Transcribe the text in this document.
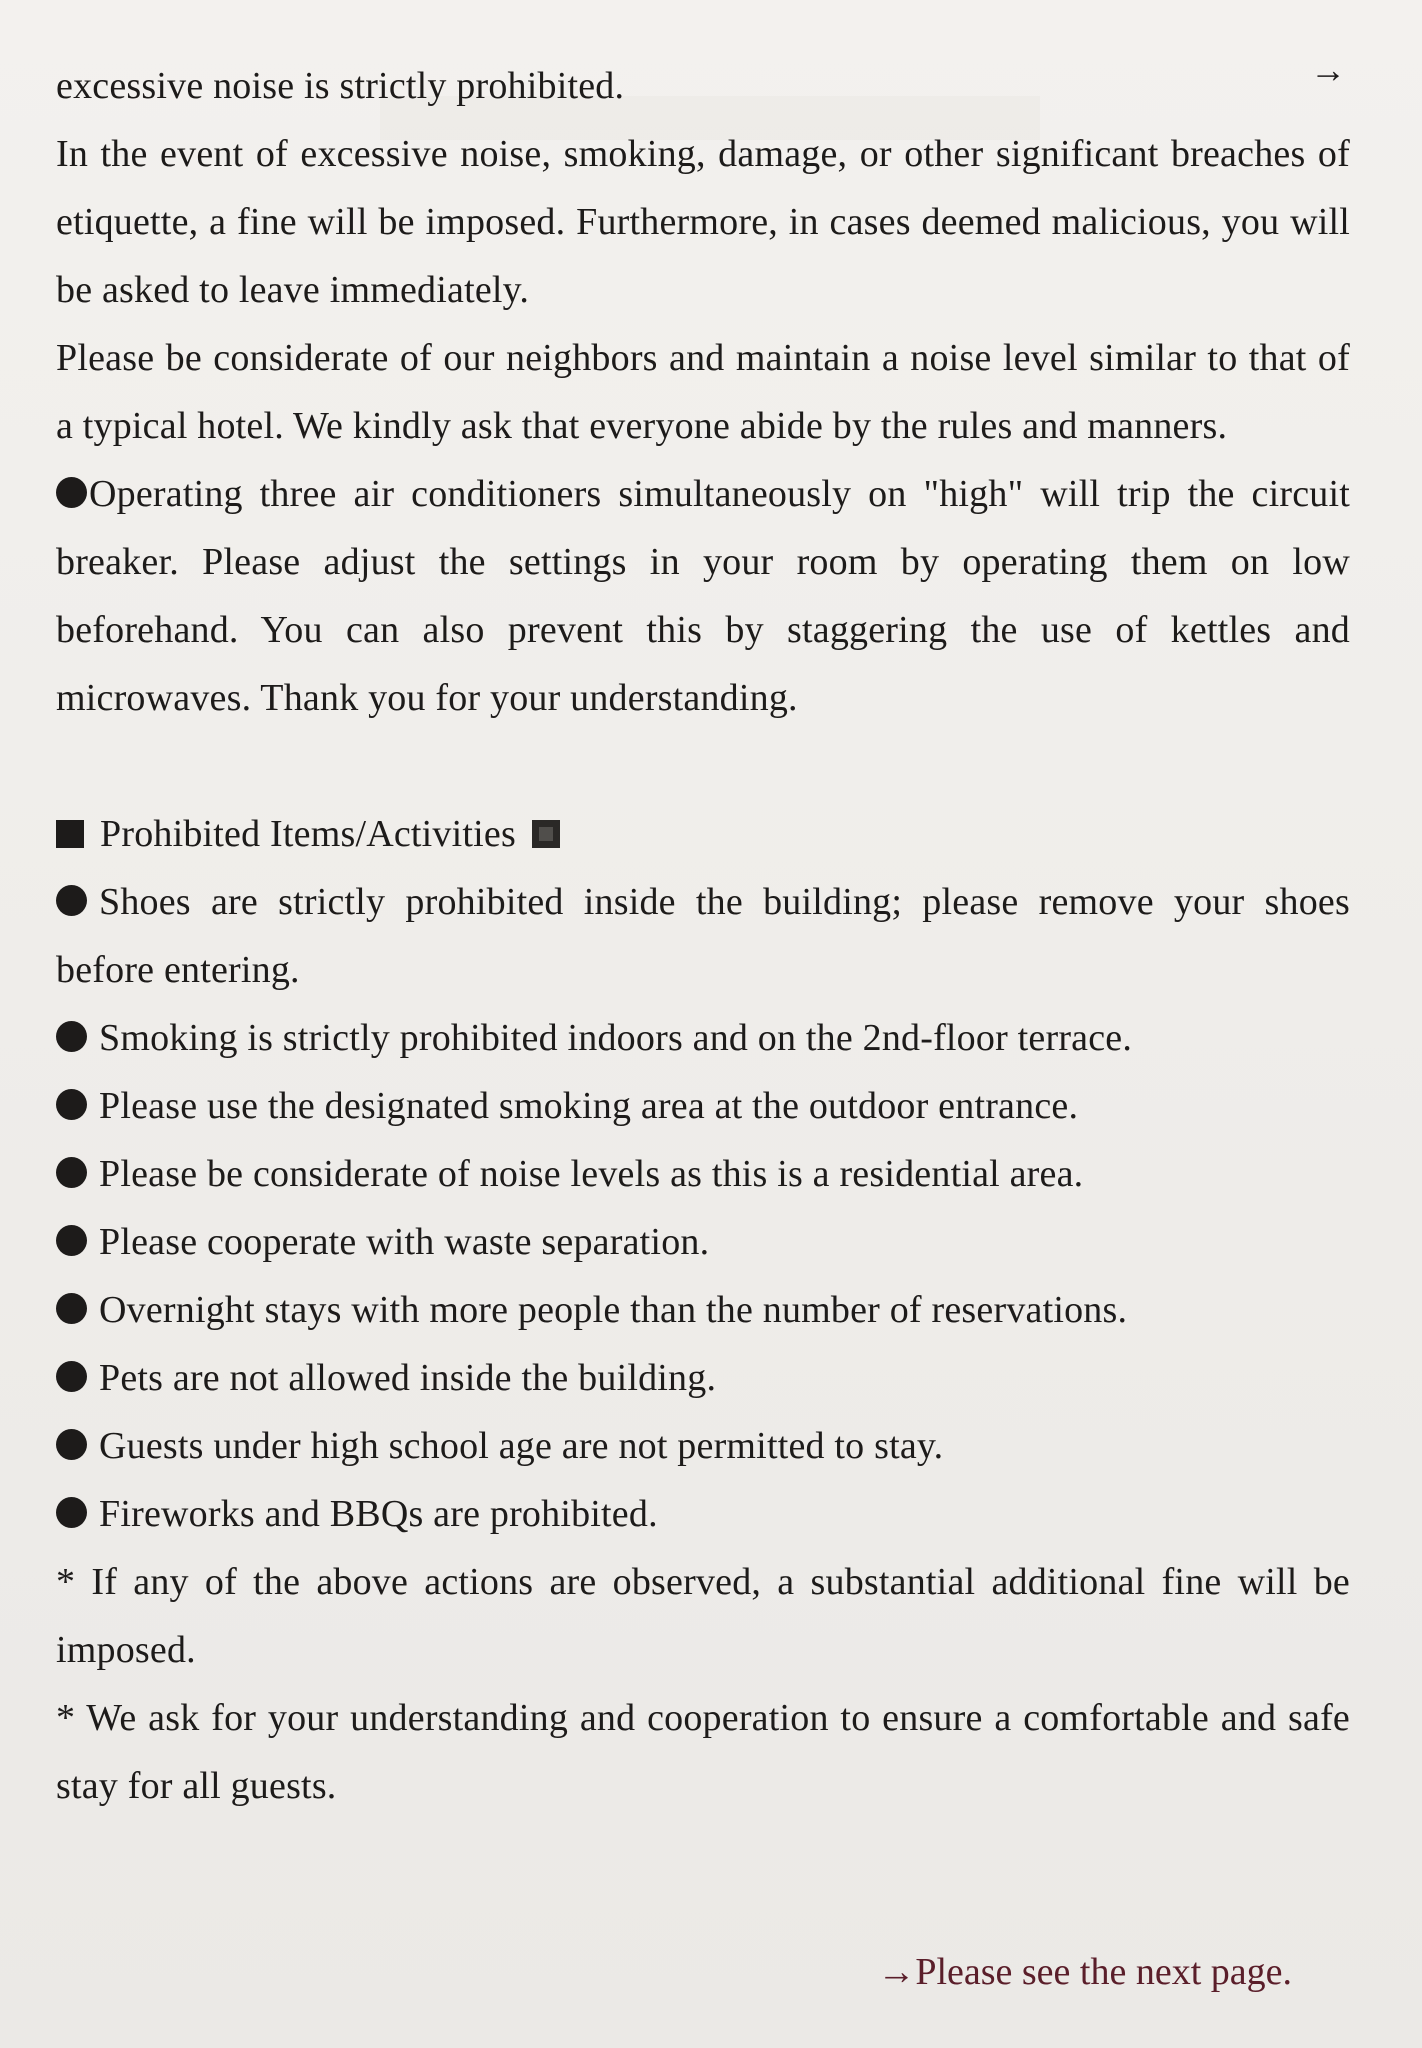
→

excessive noise is strictly prohibited.

In the event of excessive noise, smoking, damage, or other significant breaches of etiquette, a fine will be imposed. Furthermore, in cases deemed malicious, you will be asked to leave immediately.

Please be considerate of our neighbors and maintain a noise level similar to that of a typical hotel. We kindly ask that everyone abide by the rules and manners.

Operating three air conditioners simultaneously on "high" will trip the circuit breaker. Please adjust the settings in your room by operating them on low beforehand. You can also prevent this by staggering the use of kettles and microwaves. Thank you for your understanding.

Prohibited Items/Activities

Shoes are strictly prohibited inside the building; please remove your shoes before entering.

Smoking is strictly prohibited indoors and on the 2nd-floor terrace.

Please use the designated smoking area at the outdoor entrance.

Please be considerate of noise levels as this is a residential area.

Please cooperate with waste separation.

Overnight stays with more people than the number of reservations.

Pets are not allowed inside the building.

Guests under high school age are not permitted to stay.

Fireworks and BBQs are prohibited.

* If any of the above actions are observed, a substantial additional fine will be imposed.

* We ask for your understanding and cooperation to ensure a comfortable and safe stay for all guests.

→Please see the next page.
